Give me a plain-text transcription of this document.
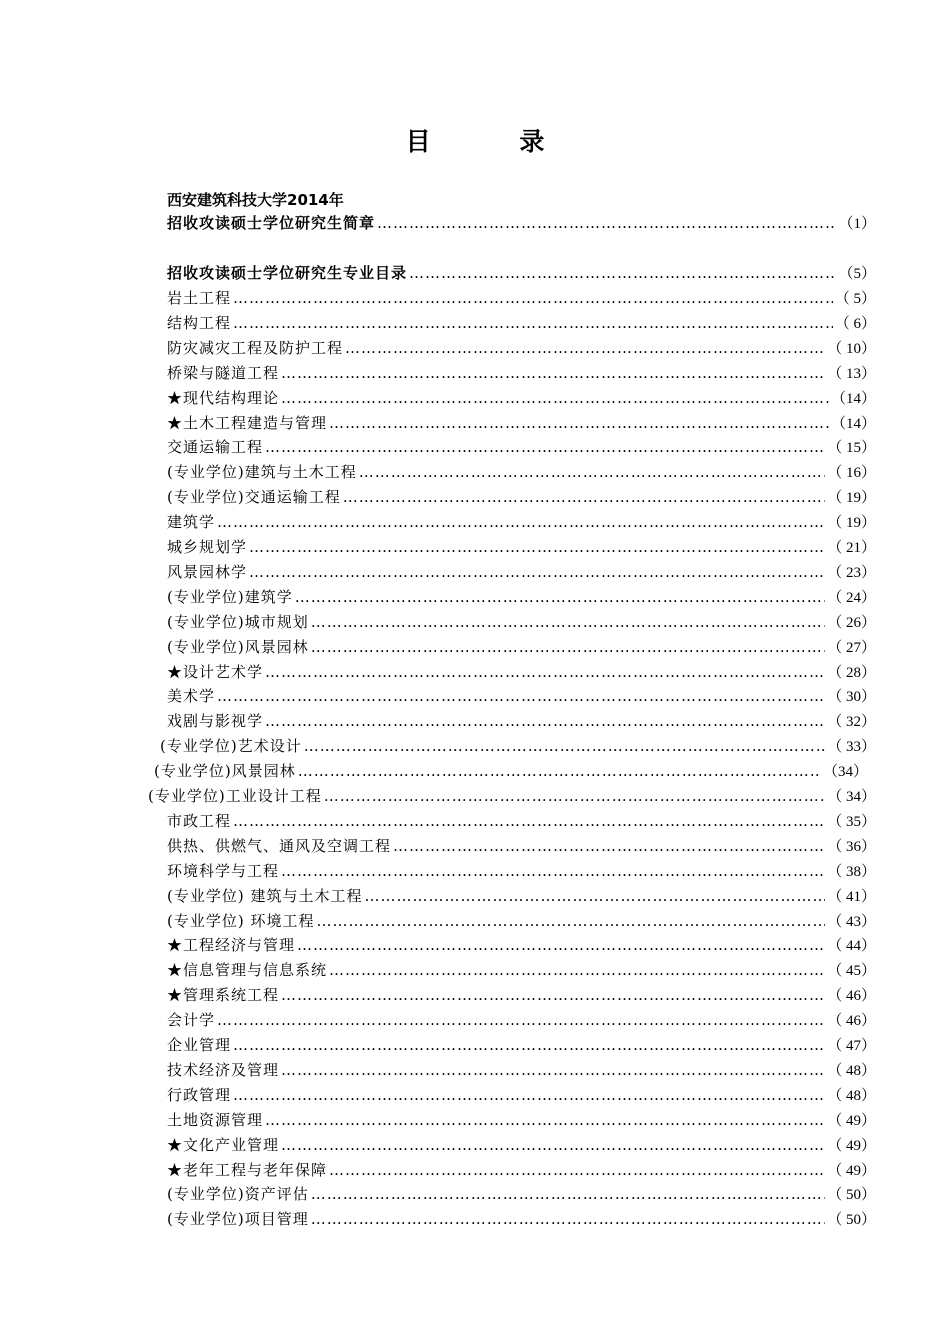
目 录
西安建筑科技大学2014年
招收攻读硕士学位研究生简章 …………………………………………………………………………………………………………………………………………………………………………	（1）
招收攻读硕士学位研究生专业目录 …………………………………………………………………………………………………………………………………………………………………………	（5）
岩土工程 …………………………………………………………………………………………………………………………………………………………………………	（ 5）
结构工程 …………………………………………………………………………………………………………………………………………………………………………	（ 6）
防灾减灾工程及防护工程 …………………………………………………………………………………………………………………………………………………………………………	（ 10）
桥梁与隧道工程 …………………………………………………………………………………………………………………………………………………………………………	（ 13）
★现代结构理论 …………………………………………………………………………………………………………………………………………………………………………	（14）
★土木工程建造与管理 …………………………………………………………………………………………………………………………………………………………………………	（14）
交通运输工程 …………………………………………………………………………………………………………………………………………………………………………	（ 15）
(专业学位)建筑与土木工程 …………………………………………………………………………………………………………………………………………………………………………	（ 16）
(专业学位)交通运输工程 …………………………………………………………………………………………………………………………………………………………………………	（ 19）
建筑学 …………………………………………………………………………………………………………………………………………………………………………	（ 19）
城乡规划学 …………………………………………………………………………………………………………………………………………………………………………	（ 21）
风景园林学 …………………………………………………………………………………………………………………………………………………………………………	（ 23）
(专业学位)建筑学 …………………………………………………………………………………………………………………………………………………………………………	（ 24）
(专业学位)城市规划 …………………………………………………………………………………………………………………………………………………………………………	（ 26）
(专业学位)风景园林 …………………………………………………………………………………………………………………………………………………………………………	（ 27）
★设计艺术学 …………………………………………………………………………………………………………………………………………………………………………	（ 28）
美术学 …………………………………………………………………………………………………………………………………………………………………………	（ 30）
戏剧与影视学 …………………………………………………………………………………………………………………………………………………………………………	（ 32）
(专业学位)艺术设计 …………………………………………………………………………………………………………………………………………………………………………	（ 33）
(专业学位)风景园林 …………………………………………………………………………………………………………………………………………………………………………	（34）
(专业学位)工业设计工程 …………………………………………………………………………………………………………………………………………………………………………	（ 34）
市政工程 …………………………………………………………………………………………………………………………………………………………………………	（ 35）
供热、供燃气、通风及空调工程 …………………………………………………………………………………………………………………………………………………………………………	（ 36）
环境科学与工程 …………………………………………………………………………………………………………………………………………………………………………	（ 38）
(专业学位) 建筑与土木工程 …………………………………………………………………………………………………………………………………………………………………………	（ 41）
(专业学位) 环境工程 …………………………………………………………………………………………………………………………………………………………………………	（ 43）
★工程经济与管理 …………………………………………………………………………………………………………………………………………………………………………	（ 44）
★信息管理与信息系统 …………………………………………………………………………………………………………………………………………………………………………	（ 45）
★管理系统工程 …………………………………………………………………………………………………………………………………………………………………………	（ 46）
会计学 …………………………………………………………………………………………………………………………………………………………………………	（ 46）
企业管理 …………………………………………………………………………………………………………………………………………………………………………	（ 47）
技术经济及管理 …………………………………………………………………………………………………………………………………………………………………………	（ 48）
行政管理 …………………………………………………………………………………………………………………………………………………………………………	（ 48）
土地资源管理 …………………………………………………………………………………………………………………………………………………………………………	（ 49）
★文化产业管理 …………………………………………………………………………………………………………………………………………………………………………	（ 49）
★老年工程与老年保障 …………………………………………………………………………………………………………………………………………………………………………	（ 49）
(专业学位)资产评估 …………………………………………………………………………………………………………………………………………………………………………	（ 50）
(专业学位)项目管理 …………………………………………………………………………………………………………………………………………………………………………	（ 50）
